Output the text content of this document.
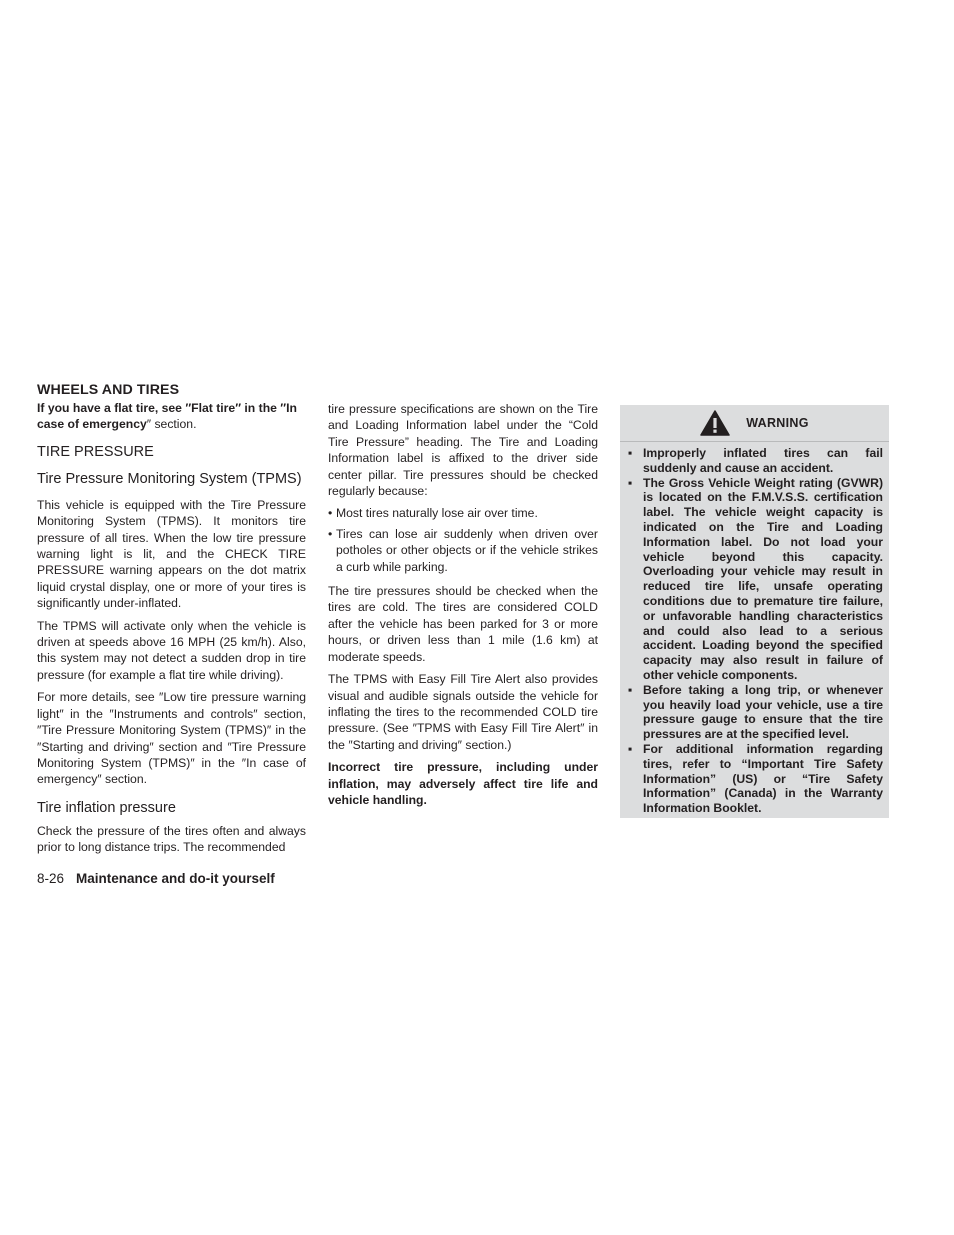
WHEELS AND TIRES

If you have a flat tire, see ″Flat tire″ in the ″In case of emergency″ section.

TIRE PRESSURE
Tire Pressure Monitoring System (TPMS)

This vehicle is equipped with the Tire Pressure Monitoring System (TPMS). It monitors tire pressure of all tires. When the low tire pressure warning light is lit, and the CHECK TIRE PRESSURE warning appears on the dot matrix liquid crystal display, one or more of your tires is significantly under-inflated.

The TPMS will activate only when the vehicle is driven at speeds above 16 MPH (25 km/h). Also, this system may not detect a sudden drop in tire pressure (for example a flat tire while driving).

For more details, see ″Low tire pressure warning light″ in the ″Instruments and controls″ section, ″Tire Pressure Monitoring System (TPMS)″ in the ″Starting and driving″ section and ″Tire Pressure Monitoring System (TPMS)″ in the ″In case of emergency″ section.

Tire inflation pressure

Check the pressure of the tires often and always prior to long distance trips. The recommended

tire pressure specifications are shown on the Tire and Loading Information label under the “Cold Tire Pressure” heading. The Tire and Loading Information label is affixed to the driver side center pillar. Tire pressures should be checked regularly because:

• Most tires naturally lose air over time.
• Tires can lose air suddenly when driven over potholes or other objects or if the vehicle strikes a curb while parking.

The tire pressures should be checked when the tires are cold. The tires are considered COLD after the vehicle has been parked for 3 or more hours, or driven less than 1 mile (1.6 km) at moderate speeds.

The TPMS with Easy Fill Tire Alert also provides visual and audible signals outside the vehicle for inflating the tires to the recommended COLD tire pressure. (See ″TPMS with Easy Fill Tire Alert″ in the ″Starting and driving″ section.)

Incorrect tire pressure, including under inflation, may adversely affect tire life and vehicle handling.

WARNING
▪ Improperly inflated tires can fail suddenly and cause an accident.
▪ The Gross Vehicle Weight rating (GVWR) is located on the F.M.V.S.S. certification label. The vehicle weight capacity is indicated on the Tire and Loading Information label. Do not load your vehicle beyond this capacity. Overloading your vehicle may result in reduced tire life, unsafe operating conditions due to premature tire failure, or unfavorable handling characteristics and could also lead to a serious accident. Loading beyond the specified capacity may also result in failure of other vehicle components.
▪ Before taking a long trip, or whenever you heavily load your vehicle, use a tire pressure gauge to ensure that the tire pressures are at the specified level.
▪ For additional information regarding tires, refer to “Important Tire Safety Information” (US) or “Tire Safety Information” (Canada) in the Warranty Information Booklet.
8-26 Maintenance and do-it yourself
